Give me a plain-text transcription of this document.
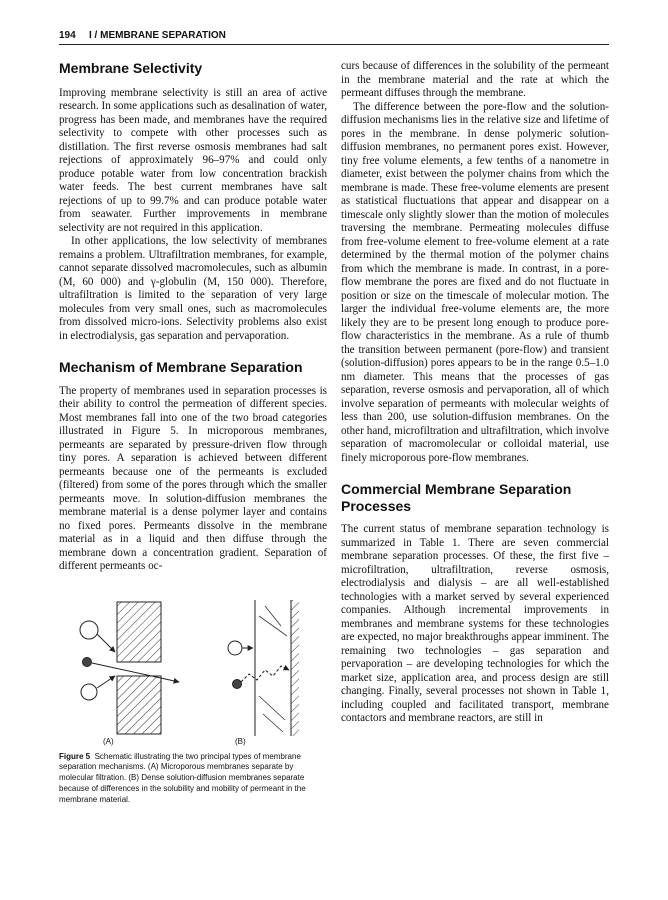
194 I / MEMBRANE SEPARATION
Membrane Selectivity

Improving membrane selectivity is still an area of active research. In some applications such as desalination of water, progress has been made, and membranes have the required selectivity to compete with other processes such as distillation. The first reverse osmosis membranes had salt rejections of approximately 96–97% and could only produce potable water from low concentration brackish water feeds. The best current membranes have salt rejections of up to 99.7% and can produce potable water from seawater. Further improvements in membrane selectivity are not required in this application.

In other applications, the low selectivity of membranes remains a problem. Ultrafiltration membranes, for example, cannot separate dissolved macromolecules, such as albumin (M, 60 000) and γ-globulin (M, 150 000). Therefore, ultrafiltration is limited to the separation of very large molecules from very small ones, such as macromolecules from dissolved micro-ions. Selectivity problems also exist in electrodialysis, gas separation and pervaporation.

Mechanism of Membrane Separation

The property of membranes used in separation processes is their ability to control the permeation of different species. Most membranes fall into one of the two broad categories illustrated in Figure 5. In microporous membranes, permeants are separated by pressure-driven flow through tiny pores. A separation is achieved between different permeants because one of the permeants is excluded (filtered) from some of the pores through which the smaller permeants move. In solution-diffusion membranes the membrane material is a dense polymer layer and contains no fixed pores. Permeants dissolve in the membrane material as in a liquid and then diffuse through the membrane down a concentration gradient. Separation of different permeants oc-

(A)	(B)
Figure 5 Schematic illustrating the two principal types of membrane separation mechanisms. (A) Microporous membranes separate by molecular filtration. (B) Dense solution-diffusion membranes separate because of differences in the solubility and mobility of permeant in the membrane material.

curs because of differences in the solubility of the permeant in the membrane material and the rate at which the permeant diffuses through the membrane.

The difference between the pore-flow and the solution-diffusion mechanisms lies in the relative size and lifetime of pores in the membrane. In dense polymeric solution-diffusion membranes, no permanent pores exist. However, tiny free volume elements, a few tenths of a nanometre in diameter, exist between the polymer chains from which the membrane is made. These free-volume elements are present as statistical fluctuations that appear and disappear on a timescale only slightly slower than the motion of molecules traversing the membrane. Permeating molecules diffuse from free-volume element to free-volume element at a rate determined by the thermal motion of the polymer chains from which the membrane is made. In contrast, in a pore-flow membrane the pores are fixed and do not fluctuate in position or size on the timescale of molecular motion. The larger the individual free-volume elements are, the more likely they are to be present long enough to produce pore-flow characteristics in the membrane. As a rule of thumb the transition between permanent (pore-flow) and transient (solution-diffusion) pores appears to be in the range 0.5–1.0 nm diameter. This means that the processes of gas separation, reverse osmosis and pervaporation, all of which involve separation of permeants with molecular weights of less than 200, use solution-diffusion membranes. On the other hand, microfiltration and ultrafiltration, which involve separation of macromolecular or colloidal material, use finely microporous pore-flow membranes.

Commercial Membrane Separation Processes

The current status of membrane separation technology is summarized in Table 1. There are seven commercial membrane separation processes. Of these, the first five – microfiltration, ultrafiltration, reverse osmosis, electrodialysis and dialysis – are all well-established technologies with a market served by several experienced companies. Although incremental improvements in membranes and membrane systems for these technologies are expected, no major breakthroughs appear imminent. The remaining two technologies – gas separation and pervaporation – are developing technologies for which the market size, application area, and process design are still changing. Finally, several processes not shown in Table 1, including coupled and facilitated transport, membrane contactors and membrane reactors, are still in
